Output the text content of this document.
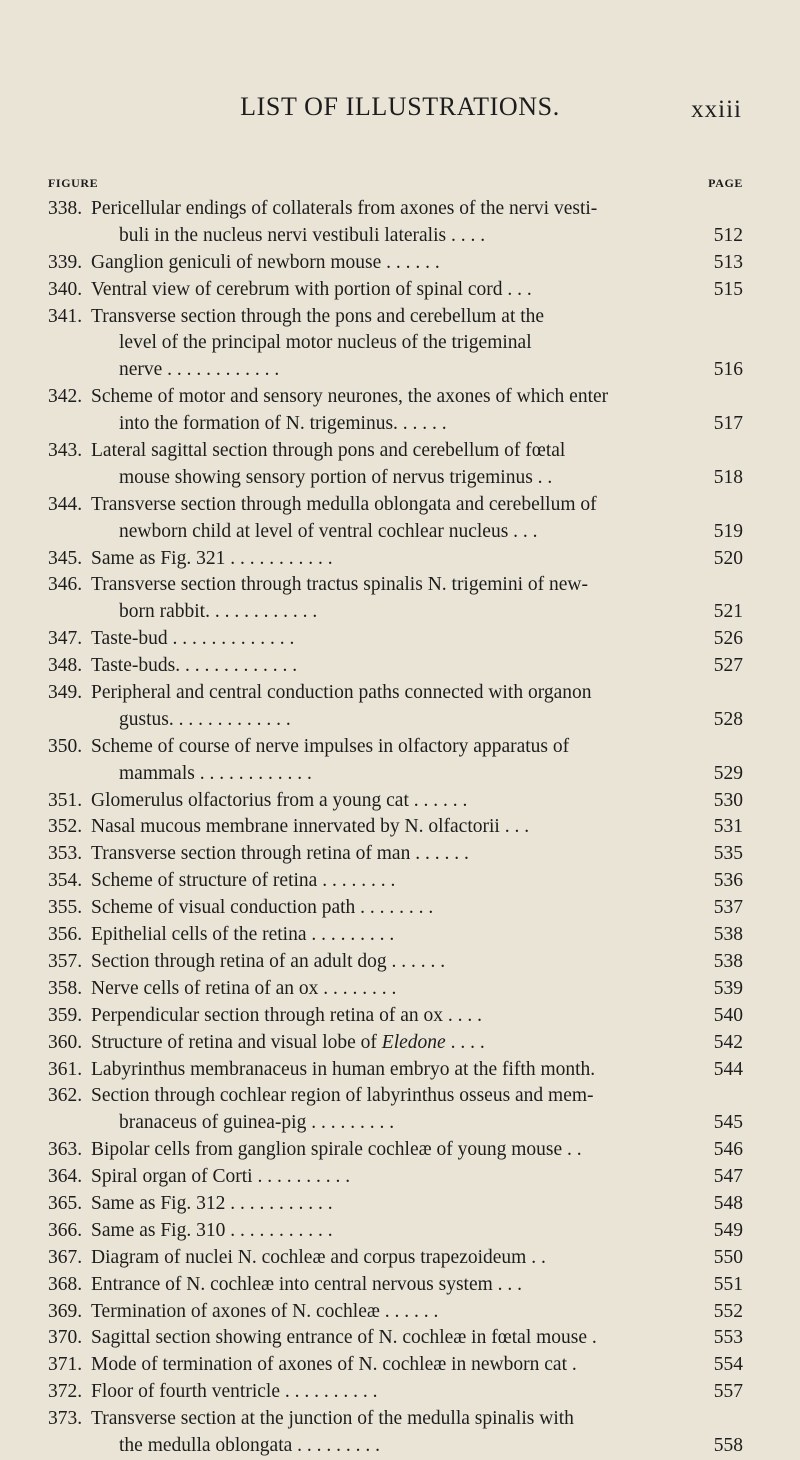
LIST OF ILLUSTRATIONS.	xxiii
FIGURE	PAGE
338. Pericellular endings of collaterals from axones of the nervi vesti-
buli in the nucleus nervi vestibuli lateralis . . . .	512
339. Ganglion geniculi of newborn mouse . . . . . .	513
340. Ventral view of cerebrum with portion of spinal cord . . .	515
341. Transverse section through the pons and cerebellum at the
level of the principal motor nucleus of the trigeminal
nerve . . . . . . . . . . . .	516
342. Scheme of motor and sensory neurones, the axones of which enter
into the formation of N. trigeminus. . . . . .	517
343. Lateral sagittal section through pons and cerebellum of fœtal
mouse showing sensory portion of nervus trigeminus . .	518
344. Transverse section through medulla oblongata and cerebellum of
newborn child at level of ventral cochlear nucleus . . .	519
345. Same as Fig. 321 . . . . . . . . . . .	520
346. Transverse section through tractus spinalis N. trigemini of new-
born rabbit. . . . . . . . . . . .	521
347. Taste-bud . . . . . . . . . . . . .	526
348. Taste-buds. . . . . . . . . . . . .	527
349. Peripheral and central conduction paths connected with organon
gustus. . . . . . . . . . . . .	528
350. Scheme of course of nerve impulses in olfactory apparatus of
mammals . . . . . . . . . . . .	529
351. Glomerulus olfactorius from a young cat . . . . . .	530
352. Nasal mucous membrane innervated by N. olfactorii . . .	531
353. Transverse section through retina of man . . . . . .	535
354. Scheme of structure of retina . . . . . . . .	536
355. Scheme of visual conduction path . . . . . . . .	537
356. Epithelial cells of the retina . . . . . . . . .	538
357. Section through retina of an adult dog . . . . . .	538
358. Nerve cells of retina of an ox . . . . . . . .	539
359. Perpendicular section through retina of an ox . . . .	540
360. Structure of retina and visual lobe of Eledone . . . .	542
361. Labyrinthus membranaceus in human embryo at the fifth month.	544
362. Section through cochlear region of labyrinthus osseus and mem-
branaceus of guinea-pig . . . . . . . . .	545
363. Bipolar cells from ganglion spirale cochleæ of young mouse . .	546
364. Spiral organ of Corti . . . . . . . . . .	547
365. Same as Fig. 312 . . . . . . . . . . .	548
366. Same as Fig. 310 . . . . . . . . . . .	549
367. Diagram of nuclei N. cochleæ and corpus trapezoideum . .	550
368. Entrance of N. cochleæ into central nervous system . . .	551
369. Termination of axones of N. cochleæ . . . . . .	552
370. Sagittal section showing entrance of N. cochleæ in fœtal mouse .	553
371. Mode of termination of axones of N. cochleæ in newborn cat .	554
372. Floor of fourth ventricle . . . . . . . . . .	557
373. Transverse section at the junction of the medulla spinalis with
the medulla oblongata . . . . . . . . .	558
